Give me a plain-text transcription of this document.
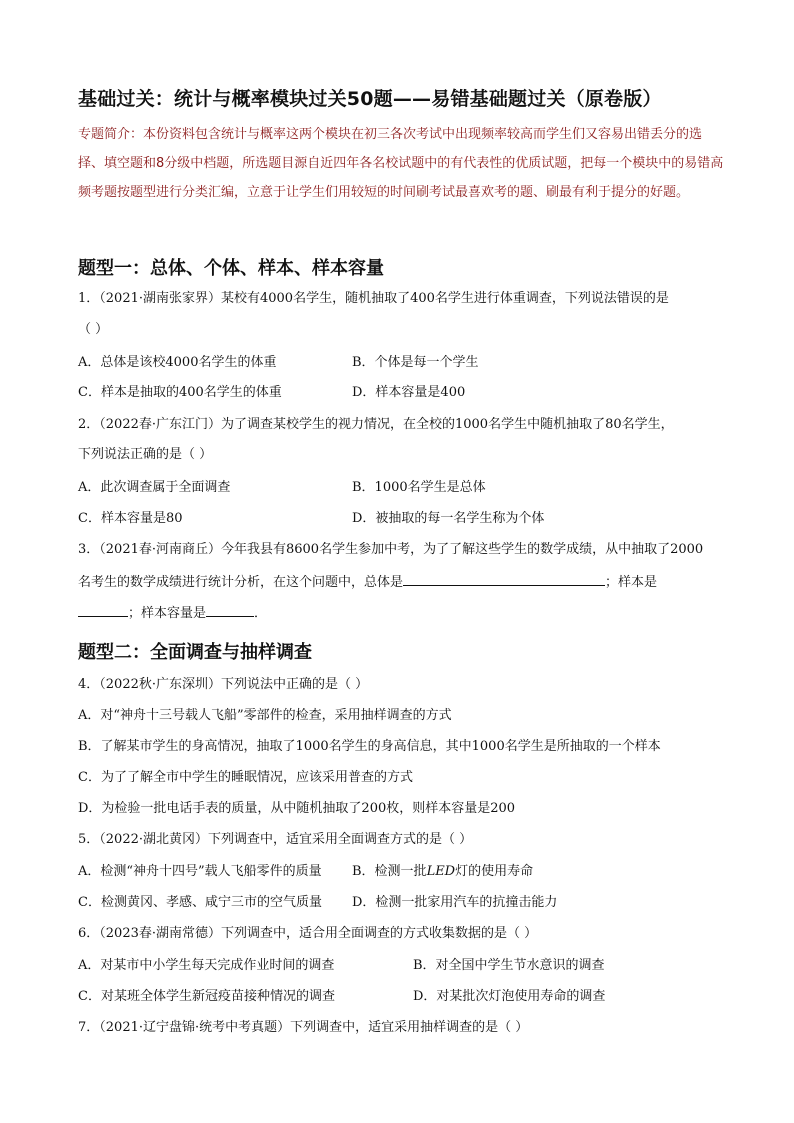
基础过关：统计与概率模块过关50题——易错基础题过关（原卷版）
专题简介：本份资料包含统计与概率这两个模块在初三各次考试中出现频率较高而学生们又容易出错丢分的选择、填空题和8分级中档题，所选题目源自近四年各名校试题中的有代表性的优质试题，把每一个模块中的易错高频考题按题型进行分类汇编，立意于让学生们用较短的时间刷考试最喜欢考的题、刷最有利于提分的好题。
题型一：总体、个体、样本、样本容量
1．（2021·湖南张家界）某校有4000名学生，随机抽取了400名学生进行体重调查，下列说法错误的是
（ ）
A．总体是该校4000名学生的体重	B．个体是每一个学生
C．样本是抽取的400名学生的体重	D．样本容量是400
2．（2022春·广东江门）为了调查某校学生的视力情况，在全校的1000名学生中随机抽取了80名学生，
下列说法正确的是（ ）
A．此次调查属于全面调查	B．1000名学生是总体
C．样本容量是80	D．被抽取的每一名学生称为个体
3．（2021春·河南商丘）今年我县有8600名学生参加中考，为了了解这些学生的数学成绩，从中抽取了2000
名考生的数学成绩进行统计分析，在这个问题中，总体是	；样本是
；样本容量是	．
题型二：全面调查与抽样调查
4．（2022秋·广东深圳）下列说法中正确的是（ ）
A．对“神舟十三号载人飞船”零部件的检查，采用抽样调查的方式
B．了解某市学生的身高情况，抽取了1000名学生的身高信息，其中1000名学生是所抽取的一个样本
C．为了了解全市中学生的睡眠情况，应该采用普查的方式
D．为检验一批电话手表的质量，从中随机抽取了200枚，则样本容量是200
5．（2022·湖北黄冈）下列调查中，适宜采用全面调查方式的是（ ）
A．检测“神舟十四号”载人飞船零件的质量 B．检测一批LED灯的使用寿命
C．检测黄冈、孝感、咸宁三市的空气质量 D．检测一批家用汽车的抗撞击能力
6．（2023春·湖南常德）下列调查中，适合用全面调查的方式收集数据的是（ ）
A．对某市中小学生每天完成作业时间的调查	B．对全国中学生节水意识的调查
C．对某班全体学生新冠疫苗接种情况的调查	D．对某批次灯泡使用寿命的调查
7．（2021·辽宁盘锦·统考中考真题）下列调查中，适宜采用抽样调查的是（ ）
